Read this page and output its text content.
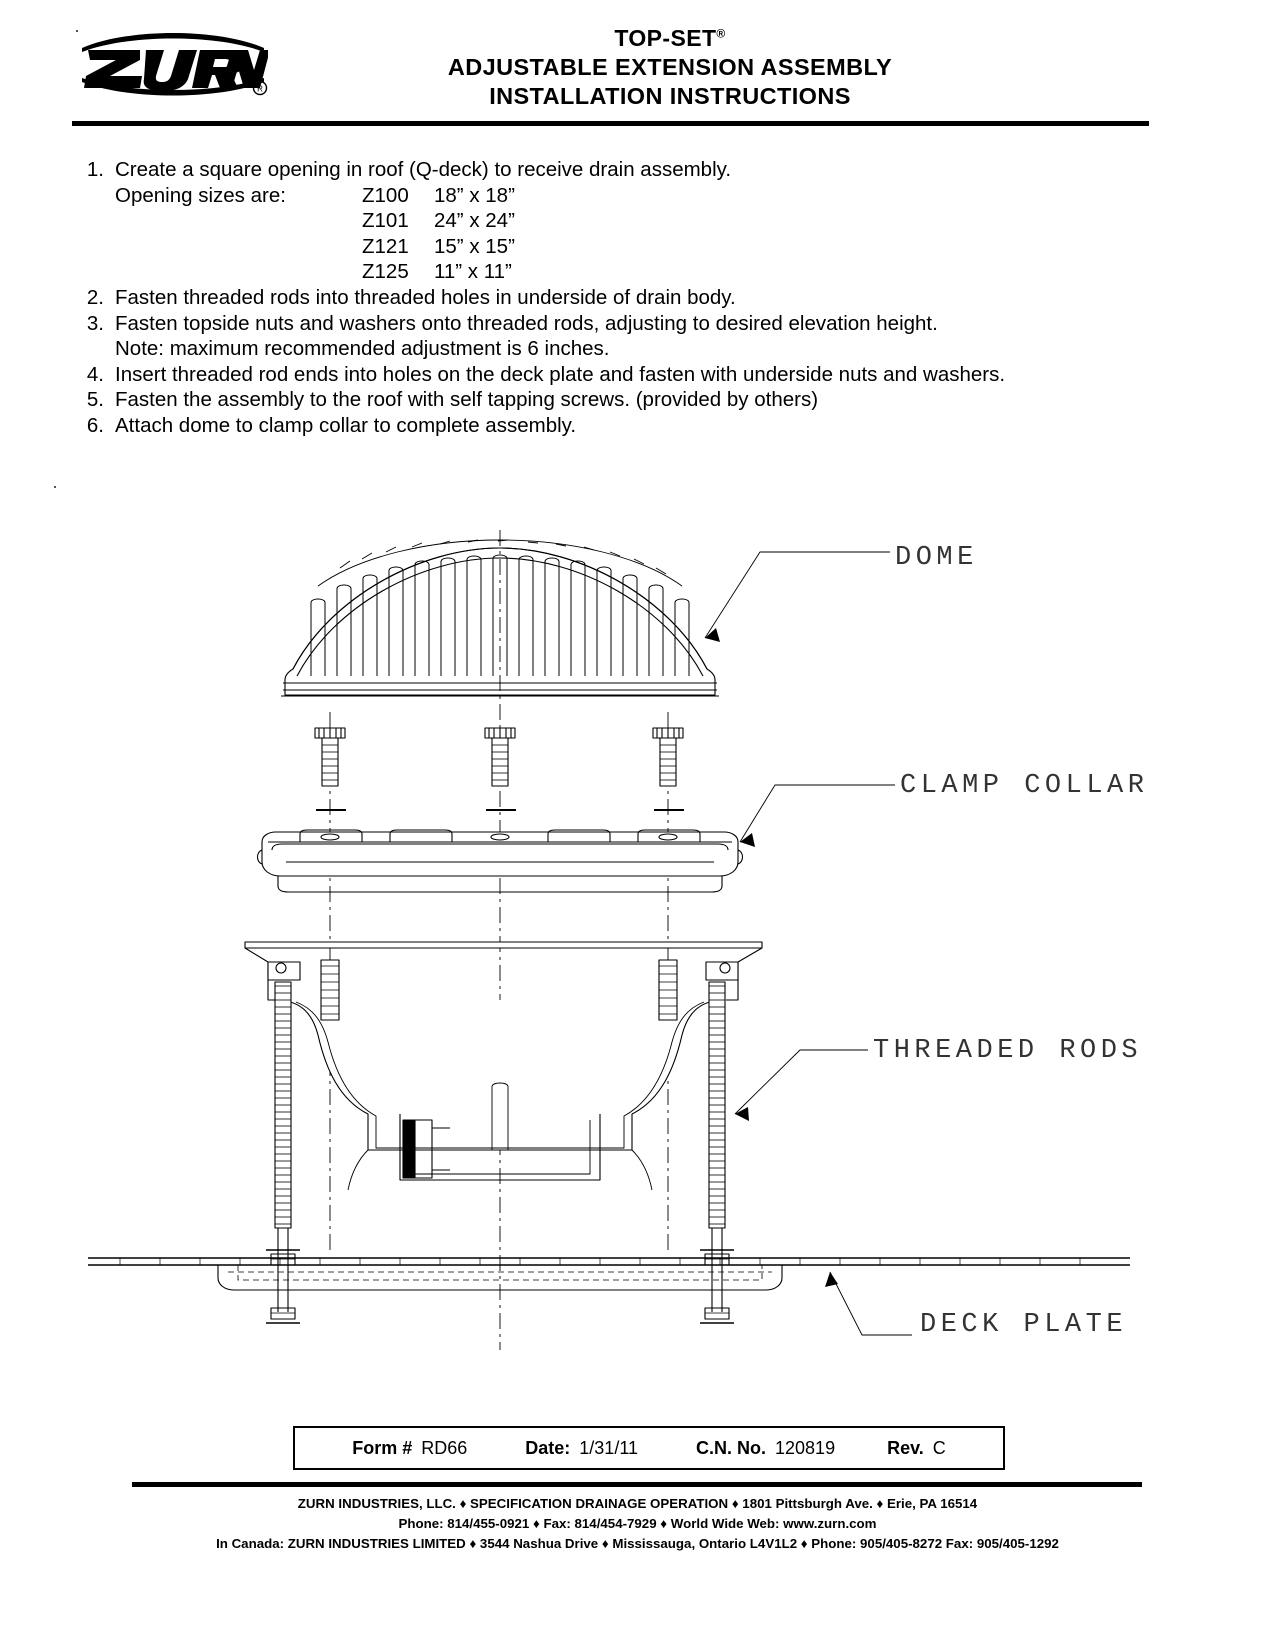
R
TOP-SET®
ADJUSTABLE EXTENSION ASSEMBLY
INSTALLATION INSTRUCTIONS
1. Create a square opening in roof (Q-deck) to receive drain assembly.
Opening sizes are:	Z100 18” x 18”
Z101 24” x 24”
Z121 15” x 15”
Z125 11” x 11”
2. Fasten threaded rods into threaded holes in underside of drain body.
3. Fasten topside nuts and washers onto threaded rods, adjusting to desired elevation height.
Note: maximum recommended adjustment is 6 inches.
4. Insert threaded rod ends into holes on the deck plate and fasten with underside nuts and washers.
5. Fasten the assembly to the roof with self tapping screws. (provided by others)
6. Attach dome to clamp collar to complete assembly.
DOME
CLAMP COLLAR
THREADED RODS
DECK PLATE
Form # RD66	Date: 1/31/11	C.N. No. 120819	Rev. C
ZURN INDUSTRIES, LLC. ♦ SPECIFICATION DRAINAGE OPERATION ♦ 1801 Pittsburgh Ave. ♦ Erie, PA 16514
Phone: 814/455-0921 ♦ Fax: 814/454-7929 ♦ World Wide Web: www.zurn.com
In Canada: ZURN INDUSTRIES LIMITED ♦ 3544 Nashua Drive ♦ Mississauga, Ontario L4V1L2 ♦ Phone: 905/405-8272 Fax: 905/405-1292
